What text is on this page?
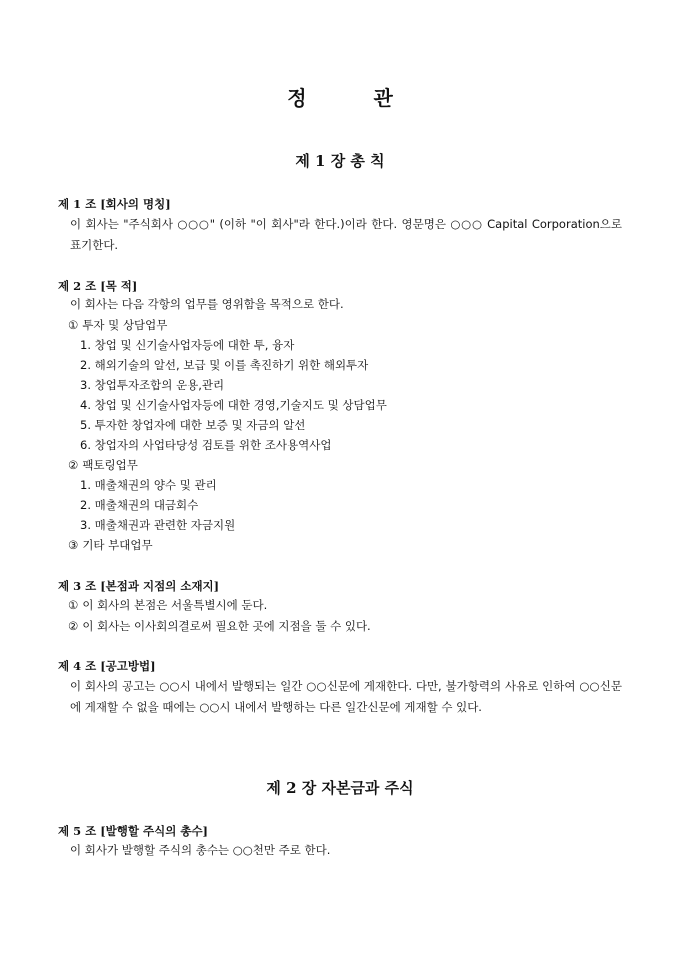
정 관
제 1 장 총 칙
제 1 조 [회사의 명칭]
이 회사는 "주식회사 ○○○" (이하 "이 회사"라 한다.)이라 한다. 영문명은 ○○○ Capital Corporation으로 표기한다.
제 2 조 [목 적]
이 회사는 다음 각항의 업무를 영위함을 목적으로 한다.
① 투자 및 상담업무
1. 창업 및 신기술사업자등에 대한 투, 융자
2. 해외기술의 알선, 보급 및 이를 촉진하기 위한 해외투자
3. 창업투자조합의 운용,관리
4. 창업 및 신기술사업자등에 대한 경영,기술지도 및 상담업무
5. 투자한 창업자에 대한 보증 및 자금의 알선
6. 창업자의 사업타당성 검토를 위한 조사용역사업
② 팩토링업무
1. 매출채권의 양수 및 관리
2. 매출채권의 대금회수
3. 매출채권과 관련한 자금지원
③ 기타 부대업무
제 3 조 [본점과 지점의 소재지]
① 이 회사의 본점은 서울특별시에 둔다.
② 이 회사는 이사회의결로써 필요한 곳에 지점을 둘 수 있다.
제 4 조 [공고방법]
이 회사의 공고는 ○○시 내에서 발행되는 일간 ○○신문에 게재한다. 다만, 불가항력의 사유로 인하여 ○○신문에 게재할 수 없을 때에는 ○○시 내에서 발행하는 다른 일간신문에 게재할 수 있다.
제 2 장 자본금과 주식
제 5 조 [발행할 주식의 총수]
이 회사가 발행할 주식의 총수는 ○○천만 주로 한다.
